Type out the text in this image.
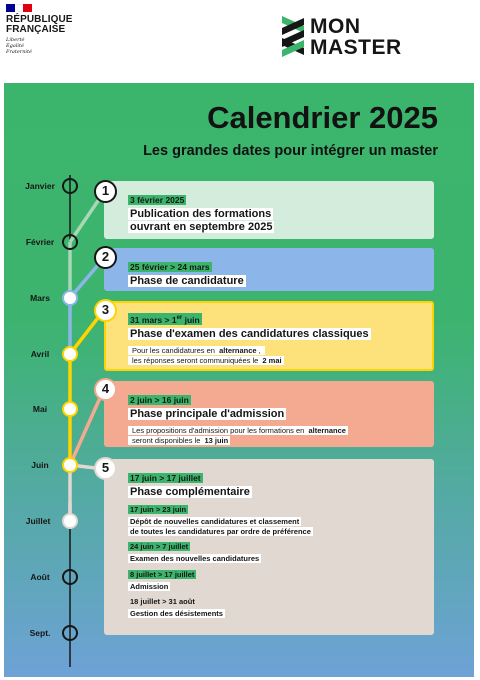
RÉPUBLIQUE
FRANÇAISE
Liberté
Égalité
Fraternité
MON
MASTER
Calendrier 2025
Les grandes dates pour intégrer un master
Janvier
Février
Mars
Avril
Mai
Juin
Juillet
Août
Sept.
3 février 2025
Publication des formations
ouvrant en septembre 2025
1
25 février > 24 mars
Phase de candidature
2
31 mars > 1er juin
Phase d'examen des candidatures classiques
Pour les candidatures en alternance ,
les réponses seront communiquées le 2 mai
3
2 juin > 16 juin
Phase principale d'admission
Les propositions d'admission pour les formations en alternance
seront disponibles le 13 juin
4
17 juin > 17 juillet
Phase complémentaire
17 juin > 23 juin
Dépôt de nouvelles candidatures et classement
de toutes les candidatures par ordre de préférence
24 juin > 7 juillet
Examen des nouvelles candidatures
8 juillet > 17 juillet
Admission
18 juillet > 31 août
Gestion des désistements
5
